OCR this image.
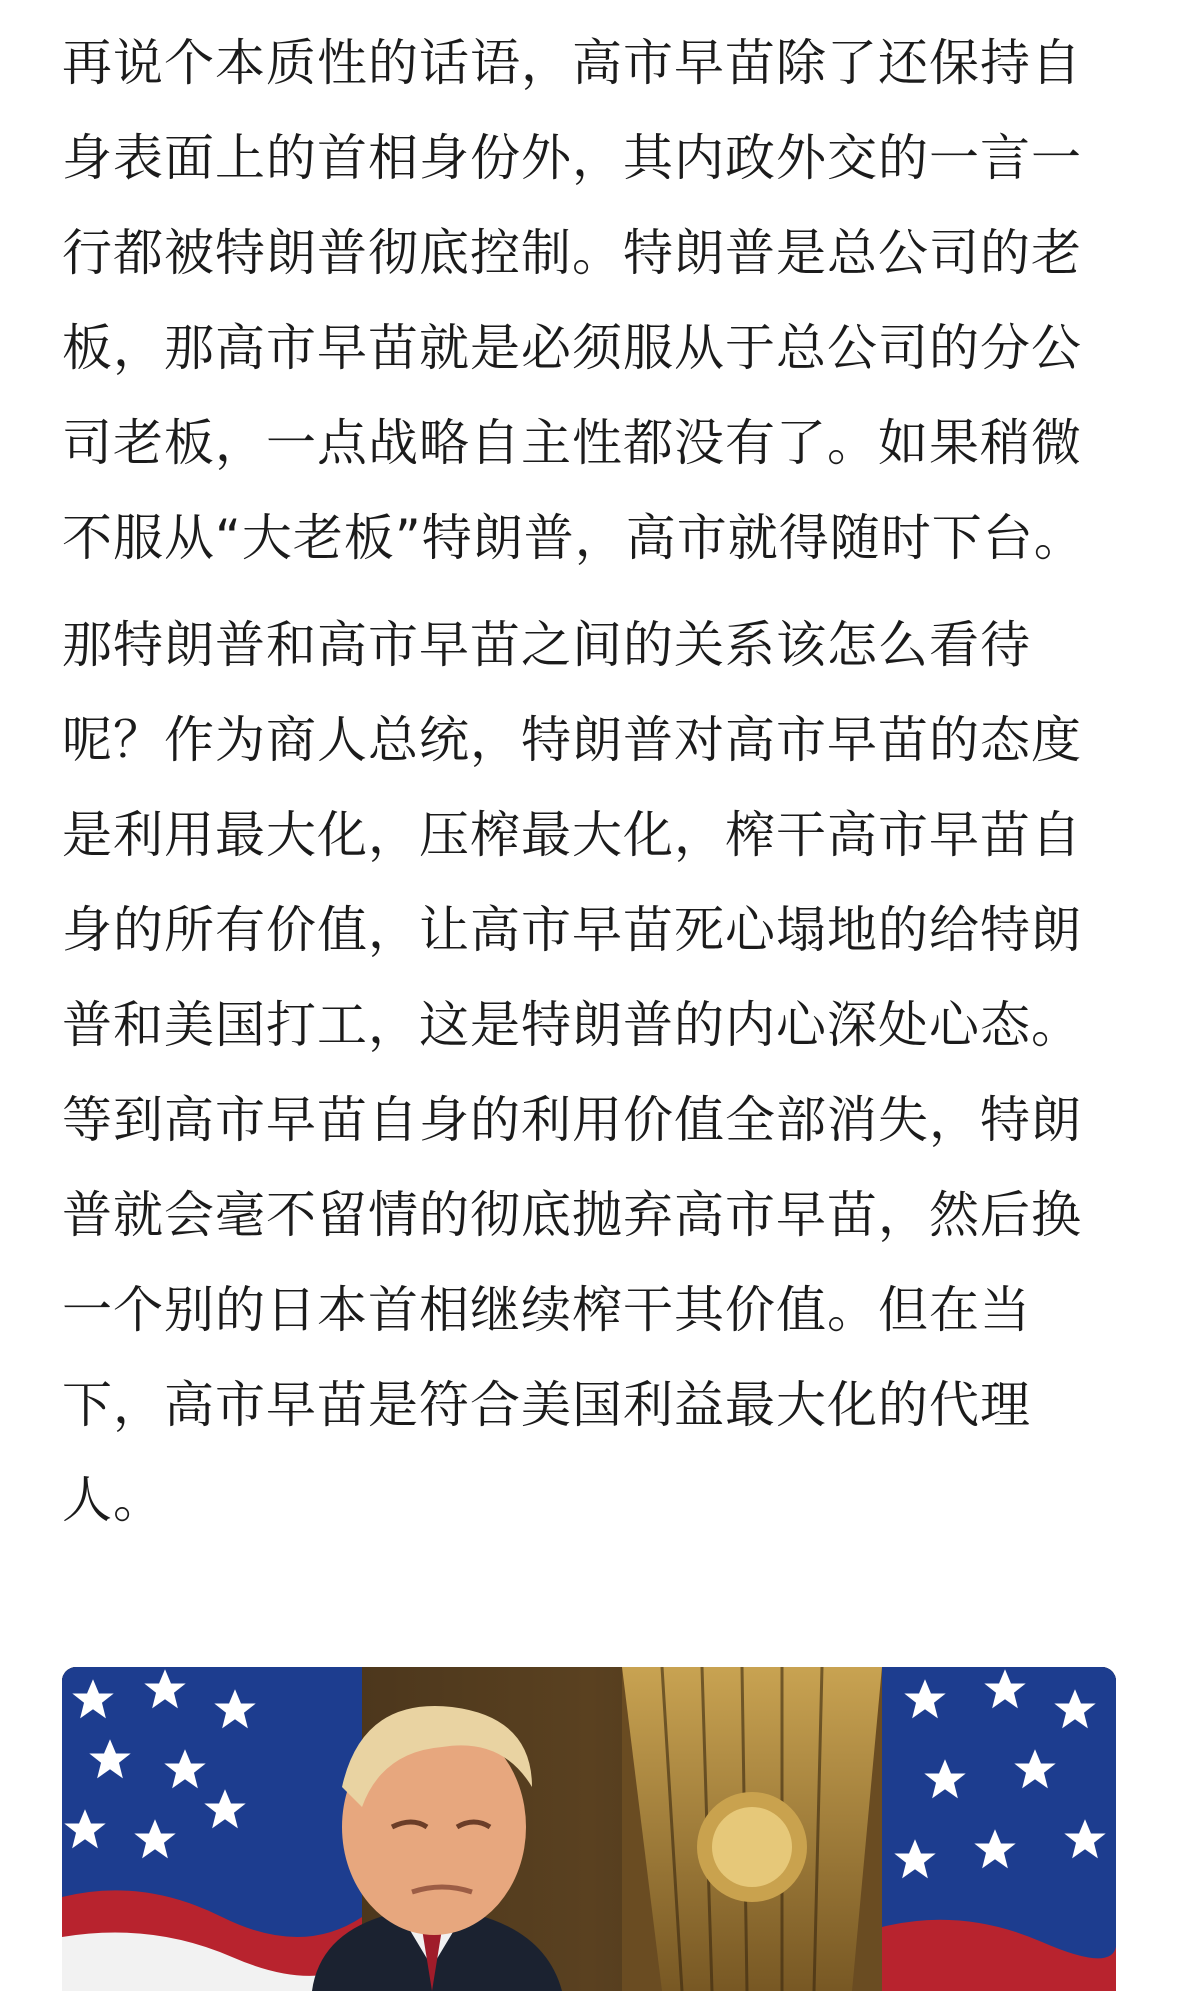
再说个本质性的话语，高市早苗除了还保持自身表面上的首相身份外，其内政外交的一言一行都被特朗普彻底控制。特朗普是总公司的老板，那高市早苗就是必须服从于总公司的分公司老板，一点战略自主性都没有了。如果稍微不服从“大老板”特朗普，高市就得随时下台。

那特朗普和高市早苗之间的关系该怎么看待呢？作为商人总统，特朗普对高市早苗的态度是利用最大化，压榨最大化，榨干高市早苗自身的所有价值，让高市早苗死心塌地的给特朗普和美国打工，这是特朗普的内心深处心态。等到高市早苗自身的利用价值全部消失，特朗普就会毫不留情的彻底抛弃高市早苗，然后换一个别的日本首相继续榨干其价值。但在当下，高市早苗是符合美国利益最大化的代理人。
